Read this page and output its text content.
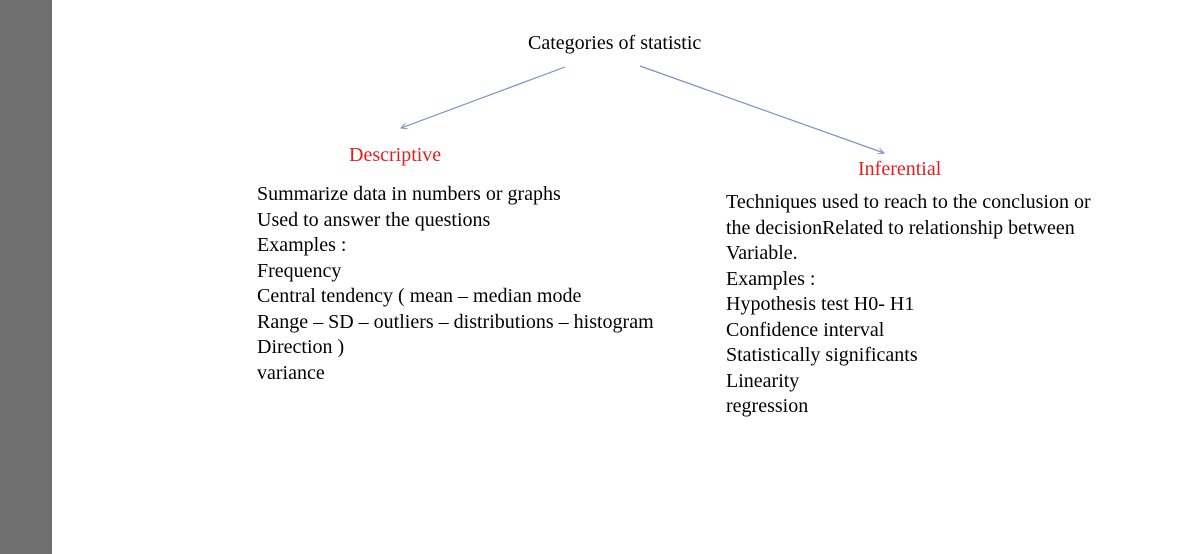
Categories of statistic
Descriptive
Inferential
Summarize data in numbers or graphs
Used to answer the questions
Examples :
Frequency
Central tendency ( mean – median mode
Range – SD – outliers – distributions – histogram
Direction )
variance
Techniques used to reach to the conclusion or
the decisionRelated to relationship between
Variable.
Examples :
Hypothesis test H0- H1
Confidence interval
Statistically significants
Linearity
regression
